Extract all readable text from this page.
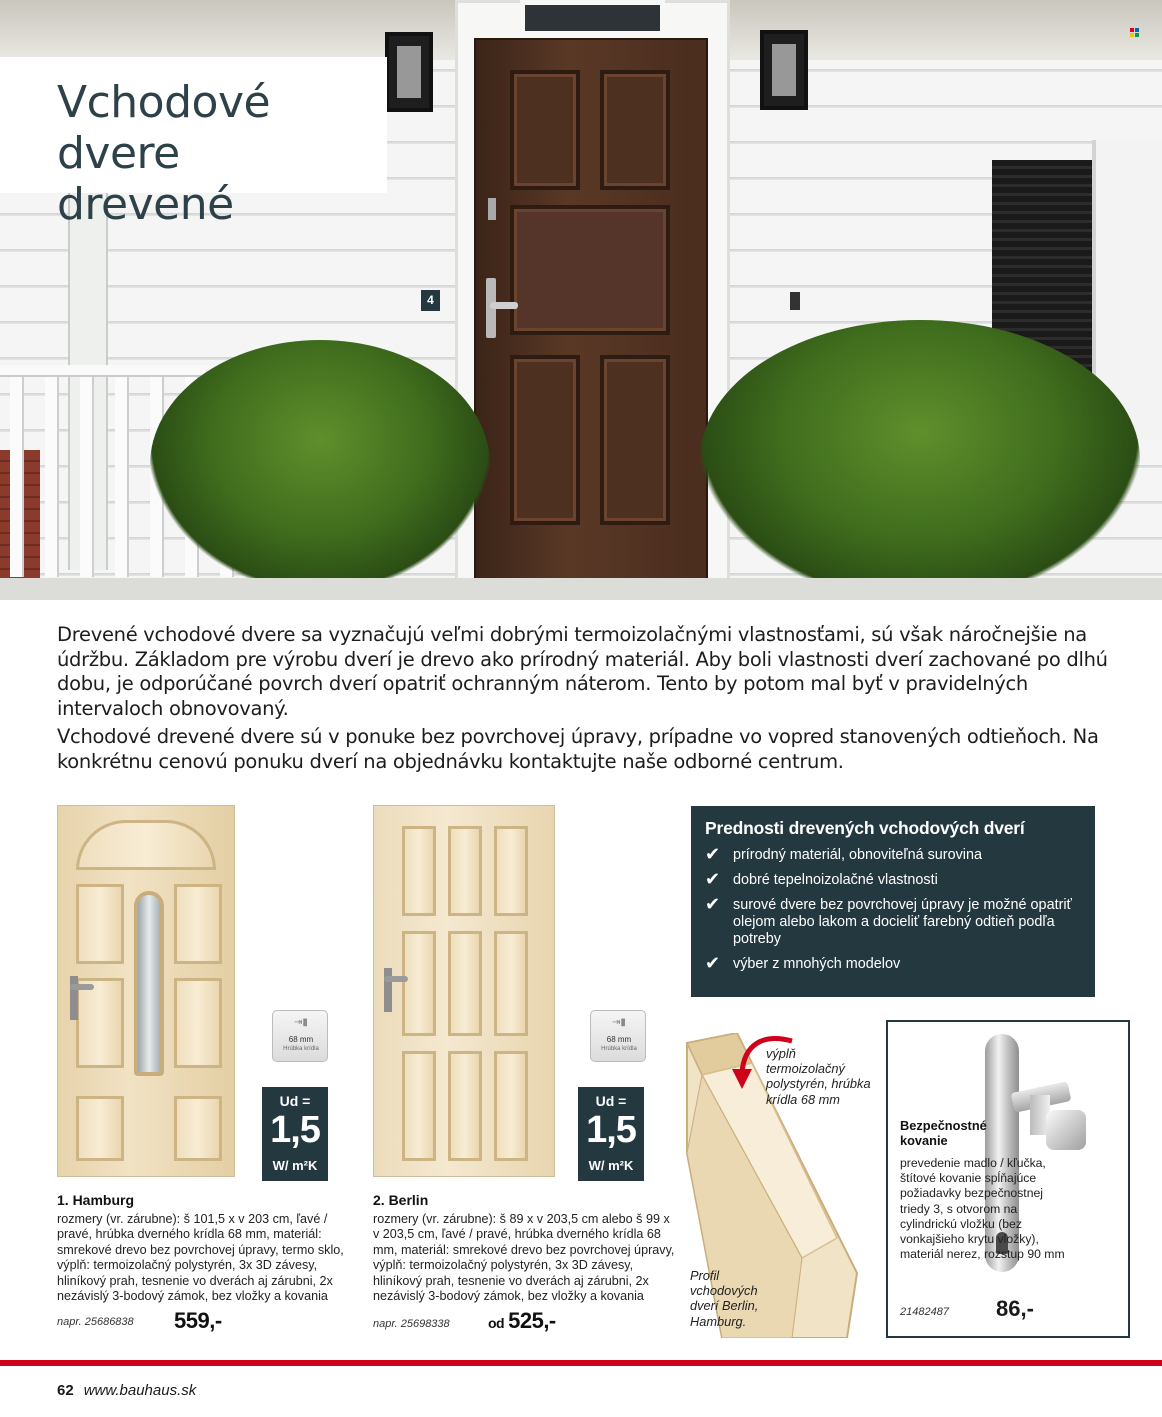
Vchodové dvere
drevené
4

Drevené vchodové dvere sa vyznačujú veľmi dobrými termoizolačnými vlastnosťami, sú však náročnejšie na údržbu. Základom pre výrobu dverí je drevo ako prírodný materiál. Aby boli vlastnosti dverí zachované po dlhú dobu, je odporúčané povrch dverí opatriť ochranným náterom. Tento by potom mal byť v pravidelných intervaloch obnovovaný.

Vchodové drevené dvere sú v ponuke bez povrchovej úpravy, prípadne vo vopred stanovených odtieňoch. Na konkrétnu cenovú ponuku dverí na objednávku kontaktujte naše odborné centrum.

⇥▮
68 mm
Hrúbka krídla
Ud =
1,5
W/ m²K
1. Hamburg
rozmery (vr. zárubne): š 101,5 x v 203 cm, ľavé / pravé, hrúbka dverného krídla 68 mm, materiál: smrekové drevo bez povrchovej úpravy, termo sklo, výplň: termoizolačný polystyrén, 3x 3D závesy, hliníkový prah, tesnenie vo dverách aj zárubni, 2x nezávislý 3-bodový zámok, bez vložky a kovania
napr. 25686838 559,-
⇥▮
68 mm
Hrúbka krídla
Ud =
1,5
W/ m²K
2. Berlin
rozmery (vr. zárubne): š 89 x v 203,5 cm alebo š 99 x v 203,5 cm, ľavé / pravé, hrúbka dverného krídla 68 mm, materiál: smrekové drevo bez povrchovej úpravy, výplň: termoizolačný polystyrén, 3x 3D závesy, hliníkový prah, tesnenie vo dverách aj zárubni, 2x nezávislý 3-bodový zámok, bez vložky a kovania
napr. 25698338	od 525,-
Prednosti drevených vchodových dverí
✔ prírodný materiál, obnoviteľná surovina
✔ dobré tepelnoizolačné vlastnosti
✔ surové dvere bez povrchovej úpravy je možné opatriť olejom alebo lakom a docieliť farebný odtieň podľa potreby
✔ výber z mnohých modelov
výplň termoizolačný polystyrén, hrúbka krídla 68 mm
Profil vchodových dverí Berlin, Hamburg.
Bezpečnostné kovanie
prevedenie madlo / kľučka, štítové kovanie spĺňajúce požiadavky bezpečnostnej triedy 3, s otvorom na cylindrickú vložku (bez vonkajšieho krytu vložky), materiál nerez, rozstup 90 mm
21482487 86,-
62 www.bauhaus.sk
